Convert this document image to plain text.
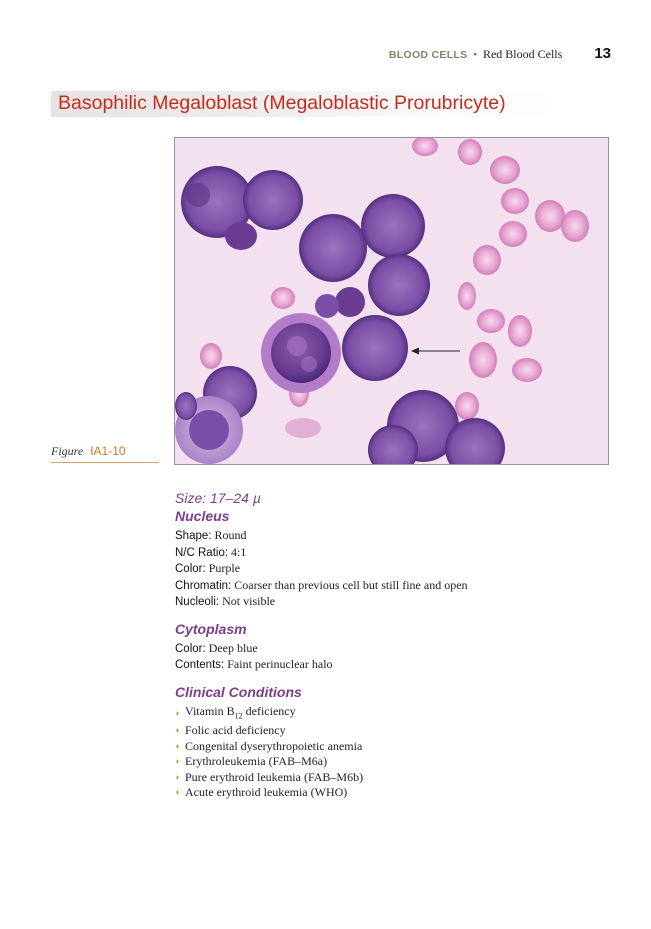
BLOOD CELLS • Red Blood Cells 13
Basophilic Megaloblast (Megaloblastic Prorubricyte)
Figure IA1-10

Size: 17–24 µ

Nucleus

Shape: Round

N/C Ratio: 4:1

Color: Purple

Chromatin: Coarser than previous cell but still fine and open

Nucleoli: Not visible

Cytoplasm

Color: Deep blue

Contents: Faint perinuclear halo

Clinical Conditions
◗ Vitamin $B_{12}$ deficiency
◗ Folic acid deficiency
◗ Congenital dyserythropoietic anemia
◗ Erythroleukemia (FAB–M6a)
◗ Pure erythroid leukemia (FAB–M6b)
◗ Acute erythroid leukemia (WHO)
